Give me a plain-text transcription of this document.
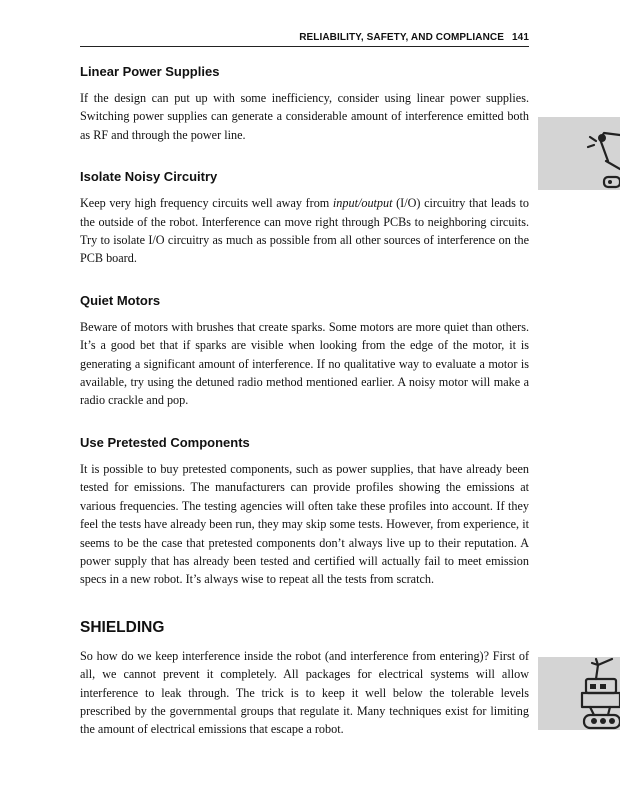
RELIABILITY, SAFETY, AND COMPLIANCE 141
Linear Power Supplies

If the design can put up with some inefficiency, consider using linear power supplies. Switching power supplies can generate a considerable amount of interference emitted both as RF and through the power line.

Isolate Noisy Circuitry

Keep very high frequency circuits well away from input/output (I/O) circuitry that leads to the outside of the robot. Interference can move right through PCBs to neighboring circuits. Try to isolate I/O circuitry as much as possible from all other sources of interference on the PCB board.

Quiet Motors

Beware of motors with brushes that create sparks. Some motors are more quiet than others. It’s a good bet that if sparks are visible when looking from the edge of the motor, it is generating a significant amount of interference. If no qualitative way to evaluate a motor is available, try using the detuned radio method mentioned earlier. A noisy motor will make a radio crackle and pop.

Use Pretested Components

It is possible to buy pretested components, such as power supplies, that have already been tested for emissions. The manufacturers can provide profiles showing the emissions at various frequencies. The testing agencies will often take these profiles into account. If they feel the tests have already been run, they may skip some tests. However, from experience, it seems to be the case that pretested components don’t always live up to their reputation. A power supply that has already been tested and certified will actually fail to meet emission specs in a new robot. It’s always wise to repeat all the tests from scratch.

SHIELDING

So how do we keep interference inside the robot (and interference from entering)? First of all, we cannot prevent it completely. All packages for electrical systems will allow interference to leak through. The trick is to keep it well below the tolerable levels prescribed by the governmental groups that regulate it. Many techniques exist for limiting the amount of electrical emissions that escape a robot.
